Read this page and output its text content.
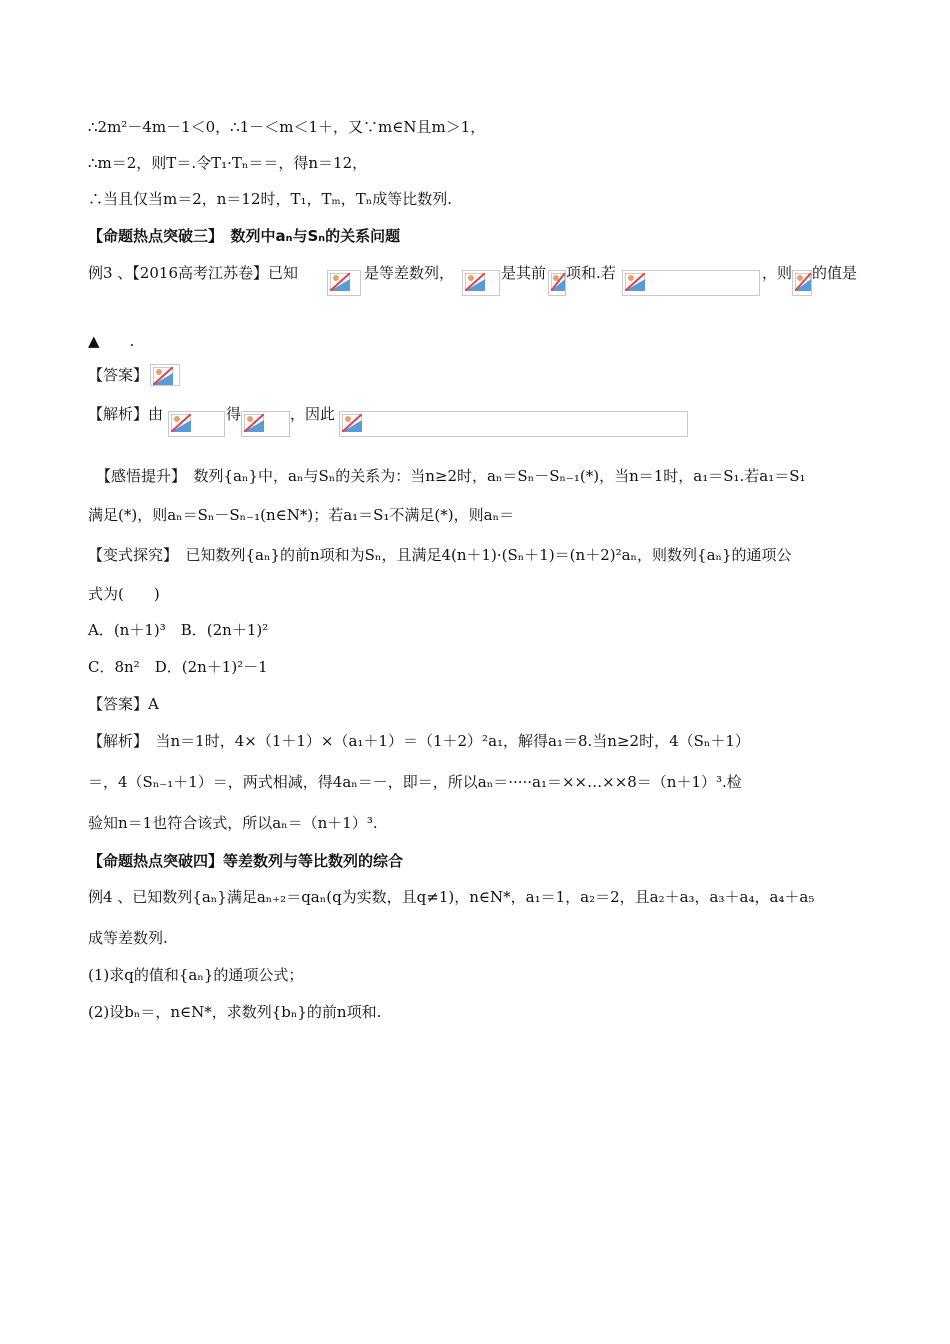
∴2m²－4m－1＜0，∴1－＜m＜1＋，又∵m∈N且m＞1，
∴m＝2，则T＝.令T₁·Tₙ＝＝，得n＝12，
∴当且仅当m＝2，n＝12时，T₁，Tₘ，Tₙ成等比数列.
【命题热点突破三】　数列中aₙ与Sₙ的关系问题
例3 、【2016高考江苏卷】已知	是等差数列，	是其前 项和.若	，则 的值是
▲　　.
【答案】
【解析】由	得	，因此
【感悟提升】　数列{aₙ}中，aₙ与Sₙ的关系为：当n≥2时，aₙ＝Sₙ－Sₙ₋₁(*)，当n＝1时，a₁＝S₁.若a₁＝S₁
满足(*)，则aₙ＝Sₙ－Sₙ₋₁(n∈N*)；若a₁＝S₁不满足(*)，则aₙ＝
【变式探究】　已知数列{aₙ}的前n项和为Sₙ，且满足4(n＋1)·(Sₙ＋1)＝(n＋2)²aₙ，则数列{aₙ}的通项公
式为(　　)
A．(n＋1)³　B．(2n＋1)²
C．8n²　D．(2n＋1)²－1
【答案】A
【解析】　当n＝1时，4×（1＋1）×（a₁＋1）＝（1＋2）²a₁，解得a₁＝8.当n≥2时，4（Sₙ＋1）
＝，4（Sₙ₋₁＋1）＝，两式相减，得4aₙ＝－，即＝，所以aₙ＝·····a₁＝××…××8＝（n＋1）³.检
验知n＝1也符合该式，所以aₙ＝（n＋1）³.
【命题热点突破四】等差数列与等比数列的综合
例4 、已知数列{aₙ}满足aₙ₊₂＝qaₙ(q为实数，且q≠1)，n∈N*，a₁＝1，a₂＝2，且a₂＋a₃，a₃＋a₄，a₄＋a₅
成等差数列.
(1)求q的值和{aₙ}的通项公式；
(2)设bₙ＝，n∈N*，求数列{bₙ}的前n项和.
